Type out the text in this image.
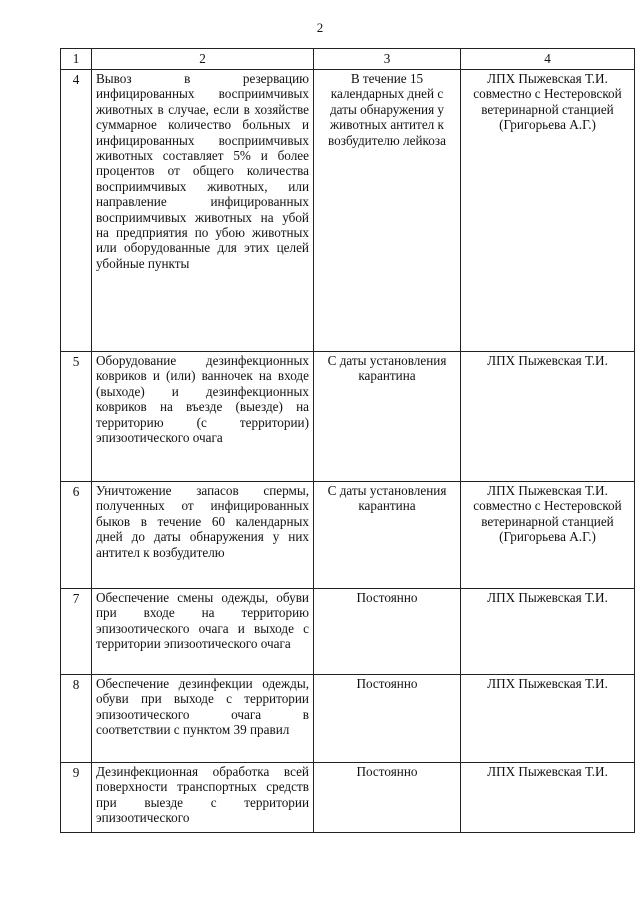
2
1	2	3	4
4	Вывоз в резервацию инфицированных восприимчивых животных в случае, если в хозяйстве суммарное количество больных и инфицированных восприимчивых животных составляет 5% и более процентов от общего количества восприимчивых животных, или направление инфицированных восприимчивых животных на убой на предприятия по убою животных или оборудованные для этих целей убойные пункты	В течение 15 календарных дней с даты обнаружения у животных антител к возбудителю лейкоза	ЛПХ Пыжевская Т.И. совместно с Нестеровской ветеринарной станцией (Григорьева А.Г.)
5	Оборудование дезинфекционных ковриков и (или) ванночек на входе (выходе) и дезинфекционных ковриков на въезде (выезде) на территорию (с территории) эпизоотического очага	С даты установления карантина	ЛПХ Пыжевская Т.И.
6	Уничтожение запасов спермы, полученных от инфицированных быков в течение 60 календарных дней до даты обнаружения у них антител к возбудителю	С даты установления карантина	ЛПХ Пыжевская Т.И. совместно с Нестеровской ветеринарной станцией (Григорьева А.Г.)
7	Обеспечение смены одежды, обуви при входе на территорию эпизоотического очага и выходе с территории эпизоотического очага	Постоянно	ЛПХ Пыжевская Т.И.
8	Обеспечение дезинфекции одежды, обуви при выходе с территории эпизоотического очага в соответствии с пунктом 39 правил	Постоянно	ЛПХ Пыжевская Т.И.
9	Дезинфекционная обработка всей поверхности транспортных средств при выезде с территории эпизоотического	Постоянно	ЛПХ Пыжевская Т.И.
